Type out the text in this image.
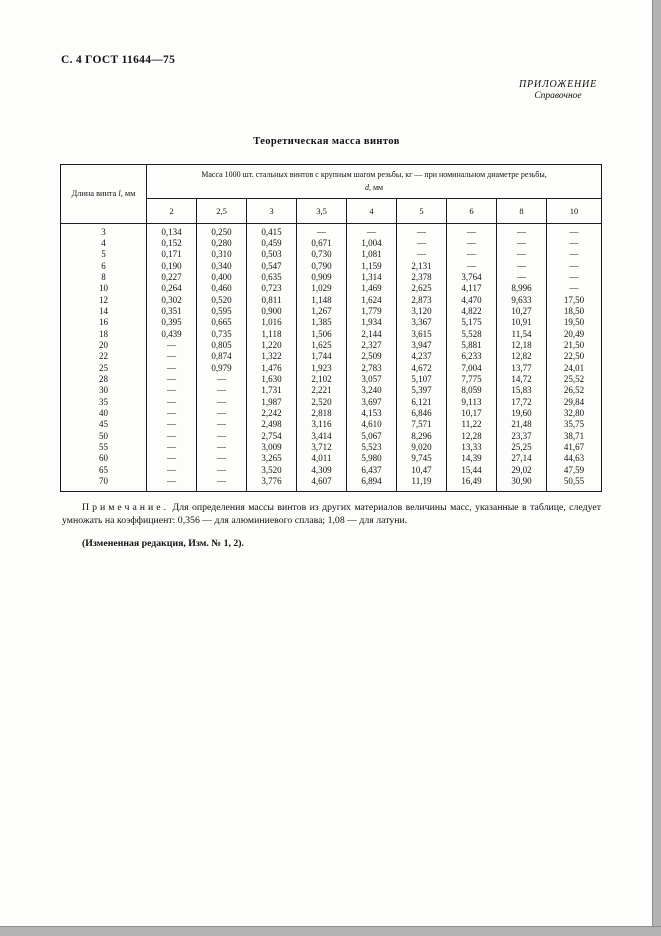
С. 4 ГОСТ 11644—75
ПРИЛОЖЕНИЕ
Справочное
Теоретическая масса винтов
Длина винта l, мм	Масса 1000 шт. стальных винтов с крупным шагом резьбы, кг — при номинальном диаметре резьбы,
d, мм								
	2	2,5	3	3,5	4	5	6	8	10
3	0,134	0,250	0,415	—	—	—	—	—	—
4	0,152	0,280	0,459	0,671	1,004	—	—	—	—
5	0,171	0,310	0,503	0,730	1,081	—	—	—	—
6	0,190	0,340	0,547	0,790	1,159	2,131	—	—	—
8	0,227	0,400	0,635	0,909	1,314	2,378	3,764	—	—
10	0,264	0,460	0,723	1,029	1,469	2,625	4,117	8,996	—
12	0,302	0,520	0,811	1,148	1,624	2,873	4,470	9,633	17,50
14	0,351	0,595	0,900	1,267	1,779	3,120	4,822	10,27	18,50
16	0,395	0,665	1,016	1,385	1,934	3,367	5,175	10,91	19,50
18	0,439	0,735	1,118	1,506	2,144	3,615	5,528	11,54	20,49
20	—	0,805	1,220	1,625	2,327	3,947	5,881	12,18	21,50
22	—	0,874	1,322	1,744	2,509	4,237	6,233	12,82	22,50
25	—	0,979	1,476	1,923	2,783	4,672	7,004	13,77	24,01
28	—	—	1,630	2,102	3,057	5,107	7,775	14,72	25,52
30	—	—	1,731	2,221	3,240	5,397	8,059	15,83	26,52
35	—	—	1,987	2,520	3,697	6,121	9,113	17,72	29,84
40	—	—	2,242	2,818	4,153	6,846	10,17	19,60	32,80
45	—	—	2,498	3,116	4,610	7,571	11,22	21,48	35,75
50	—	—	2,754	3,414	5,067	8,296	12,28	23,37	38,71
55	—	—	3,009	3,712	5,523	9,020	13,33	25,25	41,67
60	—	—	3,265	4,011	5,980	9,745	14,39	27,14	44,63
65	—	—	3,520	4,309	6,437	10,47	15,44	29,02	47,59
70	—	—	3,776	4,607	6,894	11,19	16,49	30,90	50,55
Примечание. Для определения массы винтов из других материалов величины масс, указанные в таблице, следует умножать на коэффициент: 0,356 — для алюминиевого сплава; 1,08 — для латуни.
(Измененная редакция, Изм. № 1, 2).
